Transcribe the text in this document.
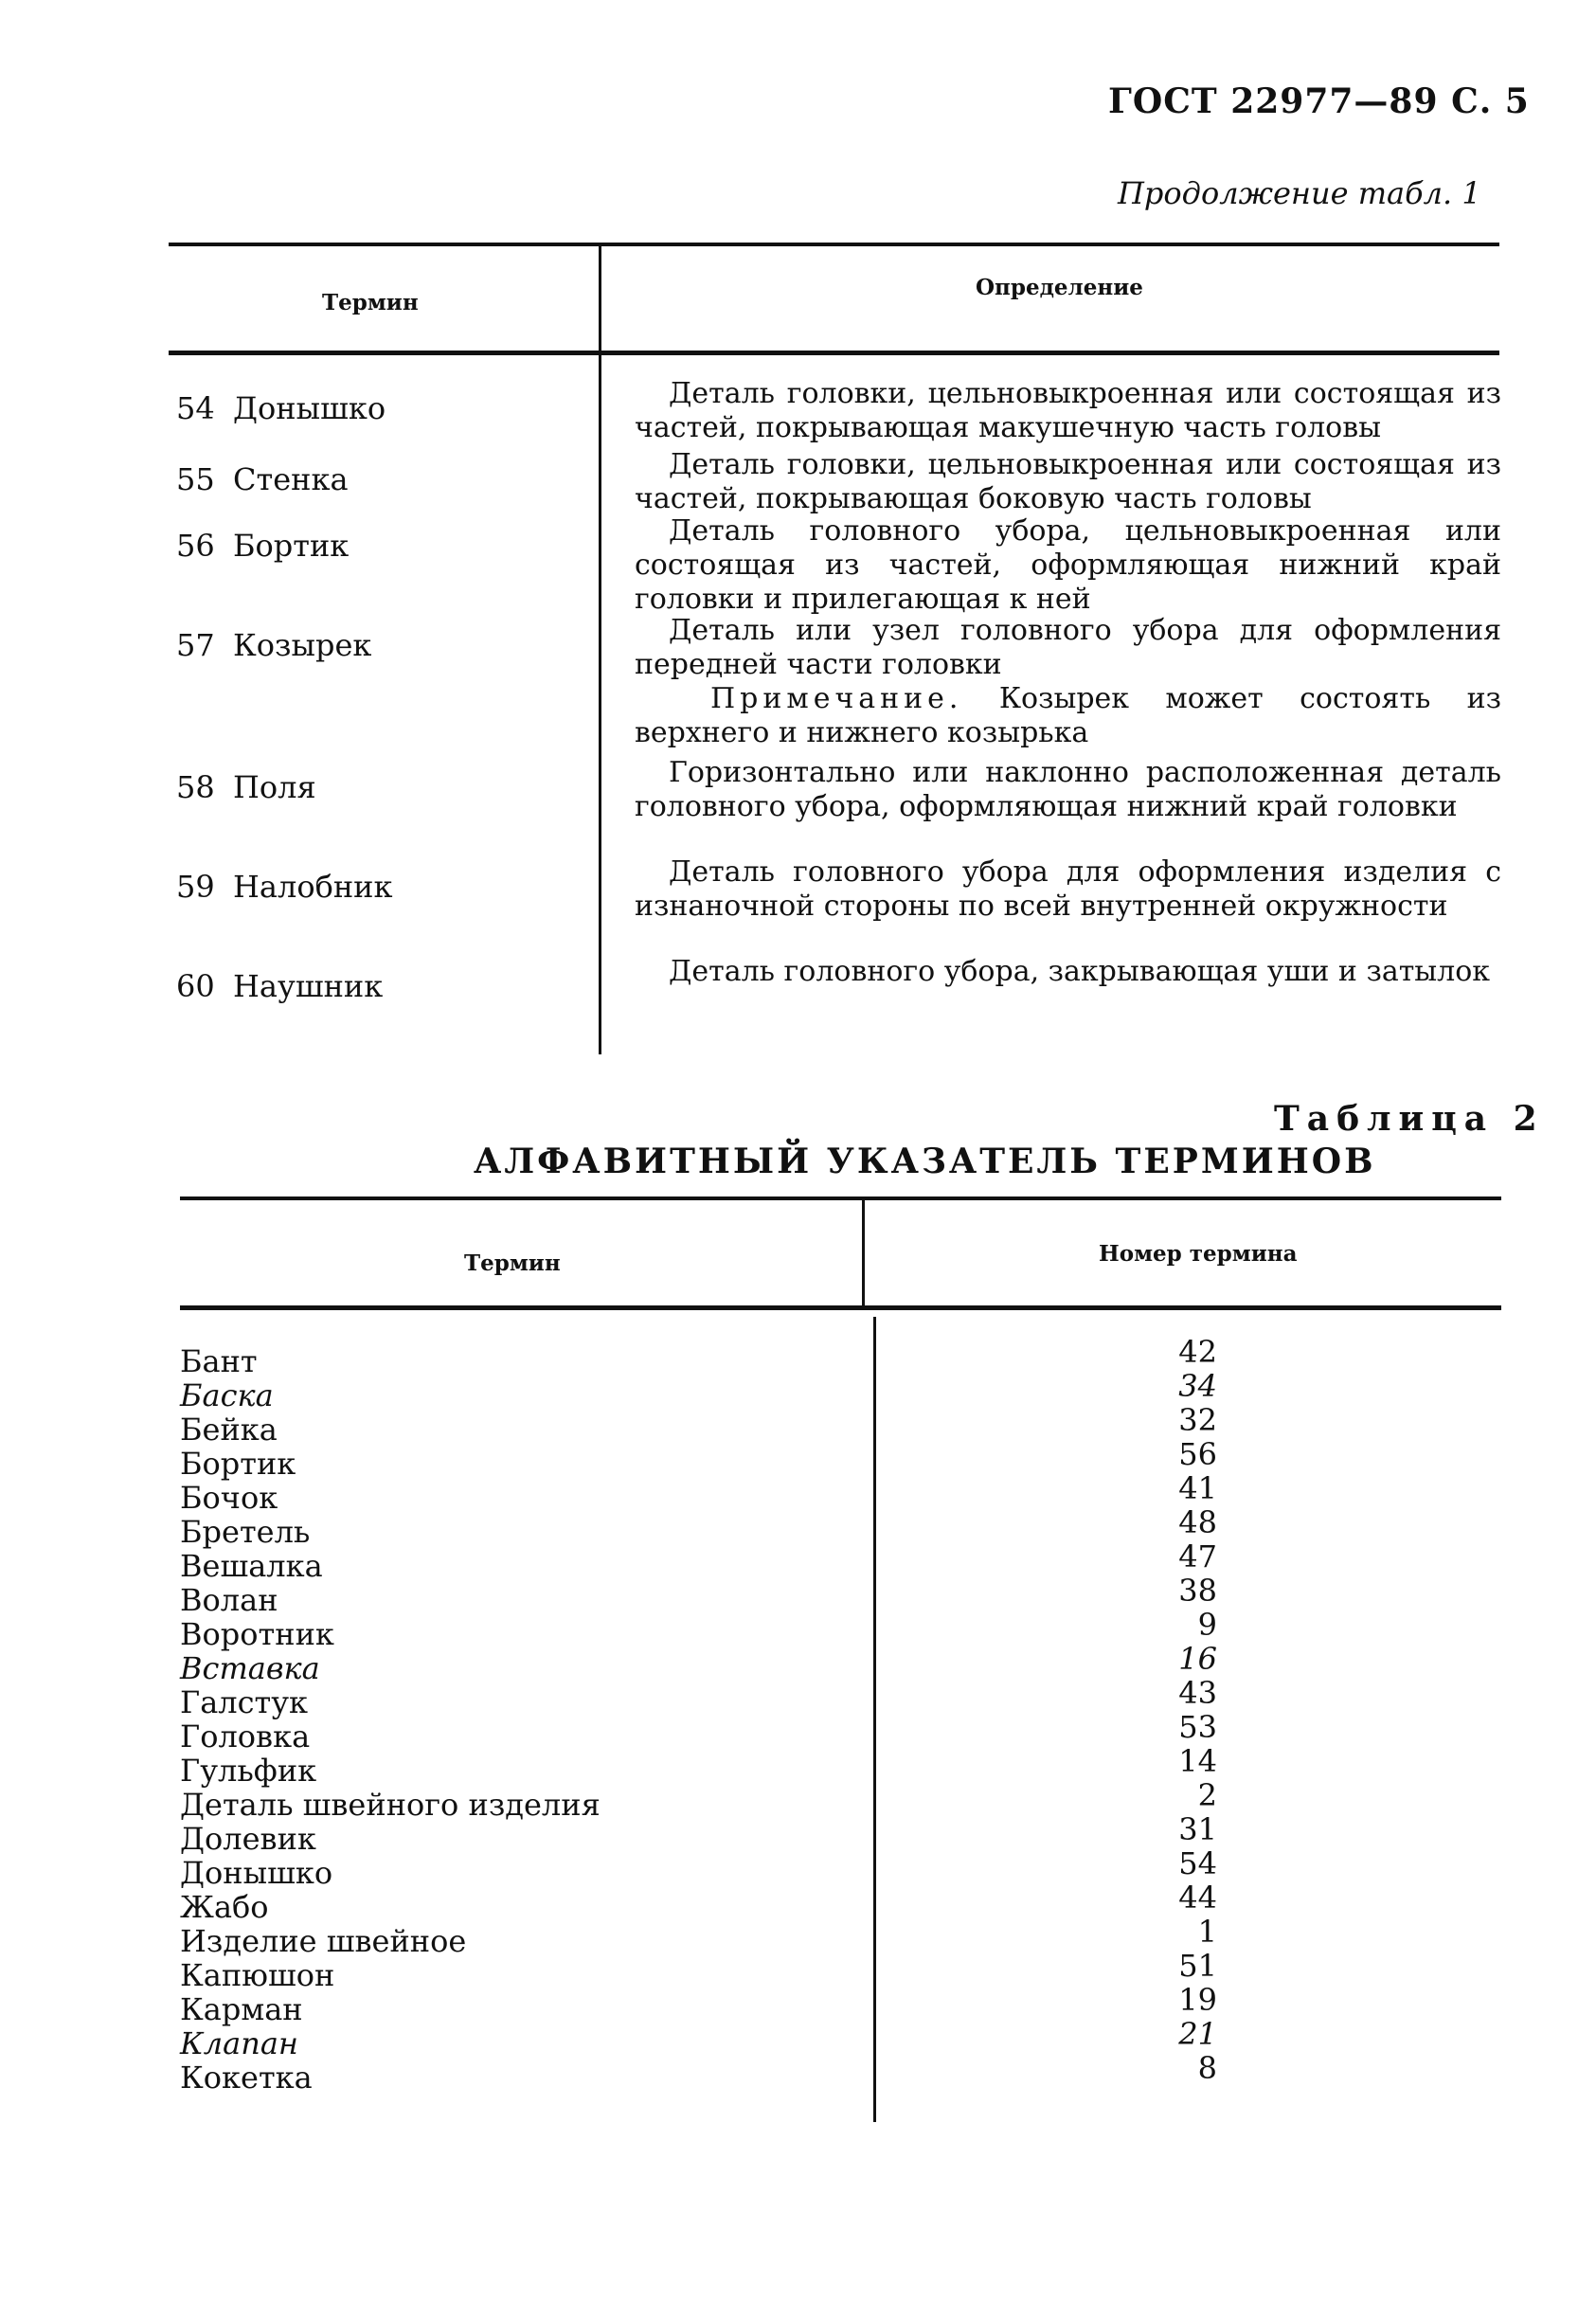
ГОСТ 22977—89 С. 5
Продолжение табл. 1
Термин
Определение
54 Донышко	Деталь головки, цельновыкроенная или состоящая из частей, покрывающая макушечную часть головы

55 Стенка	Деталь головки, цельновыкроенная или состоящая из частей, покрывающая боковую часть головы

56 Бортик	Деталь головного убора, цельновыкроенная или состоящая из частей, оформляющая нижний край головки и прилегающая к ней

57 Козырек	Деталь или узел головного убора для оформления передней части головки

Примечание. Козырек может состоять из верхнего и нижнего козырька

58 Поля	Горизонтально или наклонно расположенная деталь головного убора, оформляющая нижний край головки

59 Налобник	Деталь головного убора для оформления изделия с изнаночной стороны по всей внутренней окружности

60 Наушник	Деталь головного убора, закрывающая уши и затылок

Таблица 2
АЛФАВИТНЫЙ УКАЗАТЕЛЬ ТЕРМИНОВ
Термин	Номер термина
Бант	42
Баска	34
Бейка	32
Бортик	56
Бочок	41
Бретель	48
Вешалка	47
Волан	38
Воротник	9
Вставка	16
Галстук	43
Головка	53
Гульфик	14
Деталь швейного изделия	2
Долевик	31
Донышко	54
Жабо	44
Изделие швейное	1
Капюшон	51
Карман	19
Клапан	21
Кокетка	8
